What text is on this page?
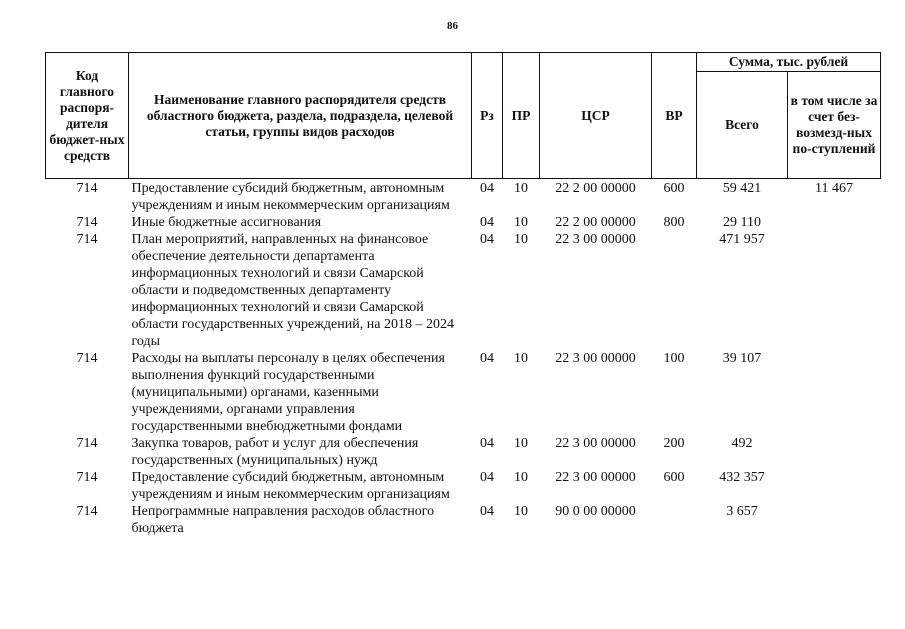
86
Код главного распоря-дителя бюджет-ных средств	Наименование главного распорядителя средств областного бюджета, раздела, подраздела, целевой статьи, группы видов расходов	Рз	ПР	ЦСР	ВР	Сумма, тыс. рублей	
						Всего	в том числе за счет без-возмезд-ных по-ступлений
714	Предоставление субсидий бюджетным, автономным учреждениям и иным некоммерческим организациям	04	10	22 2 00 00000	600	59 421	11 467
714	Иные бюджетные ассигнования	04	10	22 2 00 00000	800	29 110	
714	План мероприятий, направленных на финансовое обеспечение деятельности департамента информационных технологий и связи Самарской области и подведомственных департаменту информационных технологий и связи Самарской области государственных учреждений, на 2018 – 2024 годы	04	10	22 3 00 00000		471 957	
714	Расходы на выплаты персоналу в целях обеспечения выполнения функций государственными (муниципальными) органами, казенными учреждениями, органами управления государственными внебюджетными фондами	04	10	22 3 00 00000	100	39 107	
714	Закупка товаров, работ и услуг для обеспечения государственных (муниципальных) нужд	04	10	22 3 00 00000	200	492	
714	Предоставление субсидий бюджетным, автономным учреждениям и иным некоммерческим организациям	04	10	22 3 00 00000	600	432 357	
714	Непрограммные направления расходов областного бюджета	04	10	90 0 00 00000		3 657	
